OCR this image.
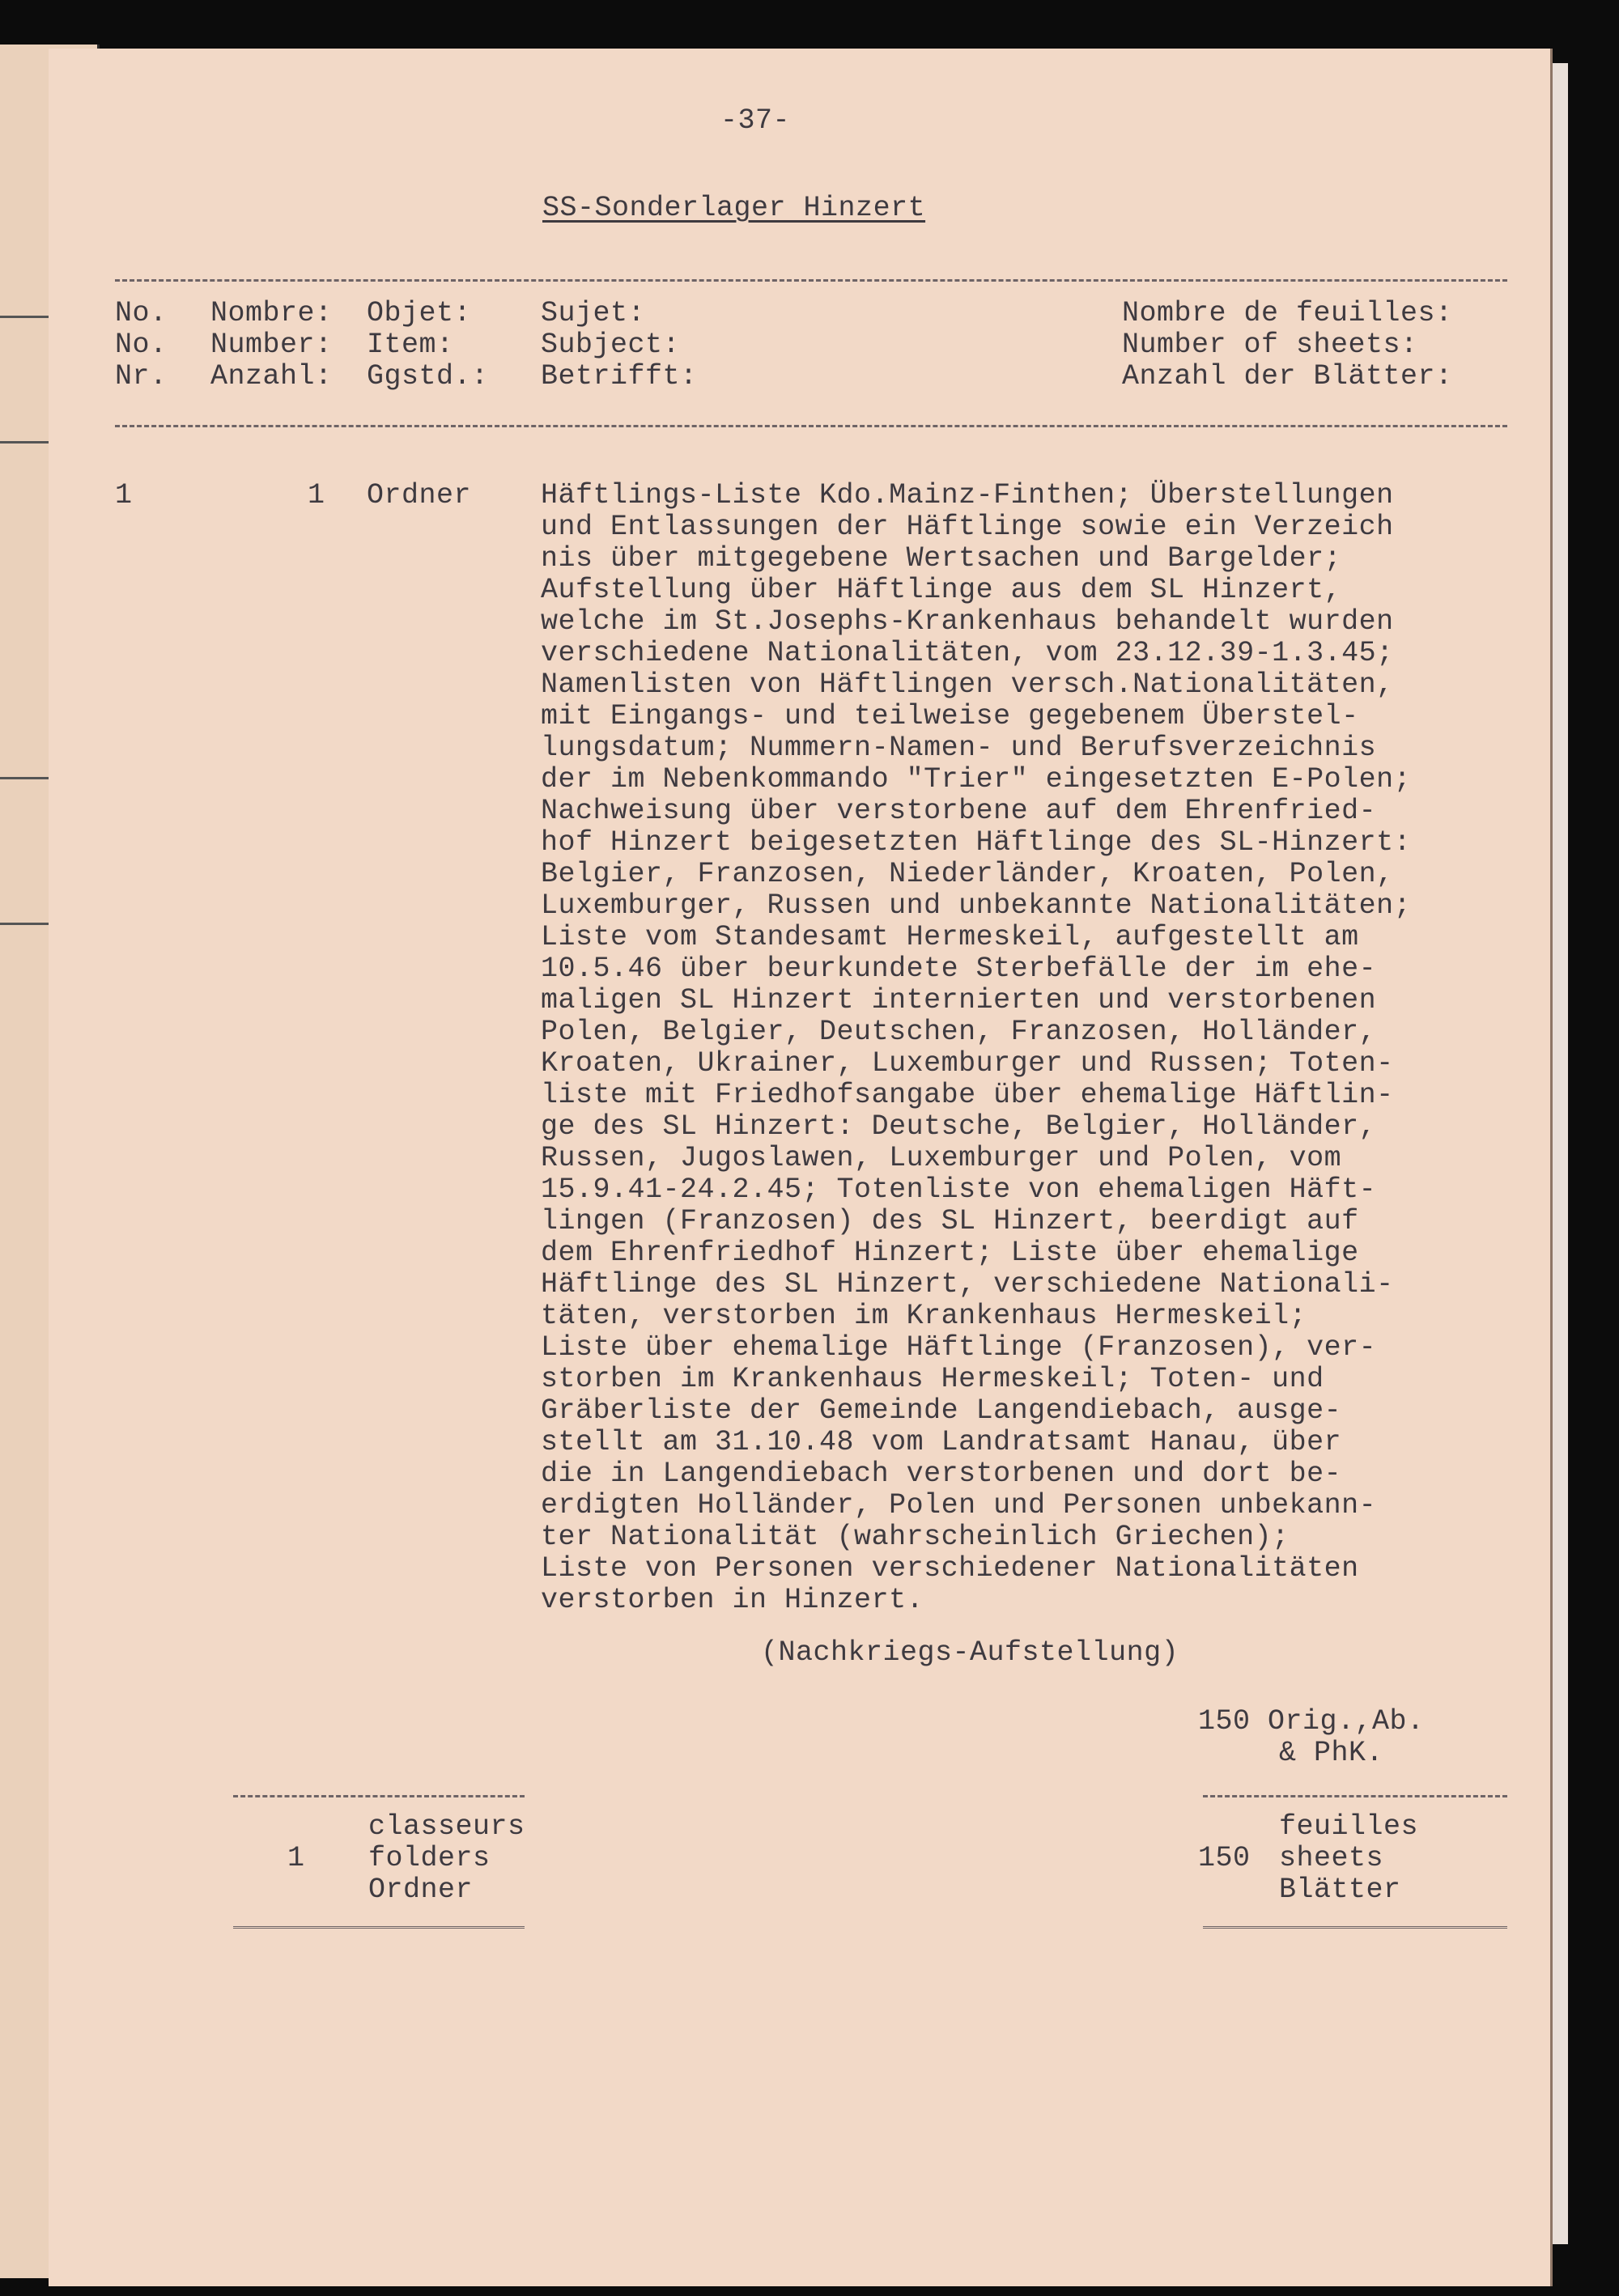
-37-

SS-Sonderlager Hinzert

No.

No.

Nr.

Nombre:

Number:

Anzahl:

Objet:

Item:

Ggstd.:

Sujet:

Subject:

Betrifft:

Nombre de feuilles:

Number of sheets:

Anzahl der Blätter:

1	1 Ordner Häftlings-Liste Kdo.Mainz-Finthen; Überstellungen

und Entlassungen der Häftlinge sowie ein Verzeich

nis über mitgegebene Wertsachen und Bargelder;

Aufstellung über Häftlinge aus dem SL Hinzert,

welche im St.Josephs-Krankenhaus behandelt wurden

verschiedene Nationalitäten, vom 23.12.39-1.3.45;

Namenlisten von Häftlingen versch.Nationalitäten,

mit Eingangs- und teilweise gegebenem Überstel-

lungsdatum; Nummern-Namen- und Berufsverzeichnis

der im Nebenkommando "Trier" eingesetzten E-Polen;

Nachweisung über verstorbene auf dem Ehrenfried-

hof Hinzert beigesetzten Häftlinge des SL-Hinzert:

Belgier, Franzosen, Niederländer, Kroaten, Polen,

Luxemburger, Russen und unbekannte Nationalitäten;

Liste vom Standesamt Hermeskeil, aufgestellt am

10.5.46 über beurkundete Sterbefälle der im ehe-

maligen SL Hinzert internierten und verstorbenen

Polen, Belgier, Deutschen, Franzosen, Holländer,

Kroaten, Ukrainer, Luxemburger und Russen; Toten-

liste mit Friedhofsangabe über ehemalige Häftlin-

ge des SL Hinzert: Deutsche, Belgier, Holländer,

Russen, Jugoslawen, Luxemburger und Polen, vom

15.9.41-24.2.45; Totenliste von ehemaligen Häft-

lingen (Franzosen) des SL Hinzert, beerdigt auf

dem Ehrenfriedhof Hinzert; Liste über ehemalige

Häftlinge des SL Hinzert, verschiedene Nationali-

täten, verstorben im Krankenhaus Hermeskeil;

Liste über ehemalige Häftlinge (Franzosen), ver-

storben im Krankenhaus Hermeskeil; Toten- und

Gräberliste der Gemeinde Langendiebach, ausge-

stellt am 31.10.48 vom Landratsamt Hanau, über

die in Langendiebach verstorbenen und dort be-

erdigten Holländer, Polen und Personen unbekann-

ter Nationalität (wahrscheinlich Griechen);

Liste von Personen verschiedener Nationalitäten

verstorben in Hinzert.

(Nachkriegs-Aufstellung)

150 Orig.,Ab.

& PhK.

classeurs

1 folders

Ordner

feuilles

150 sheets

Blätter
